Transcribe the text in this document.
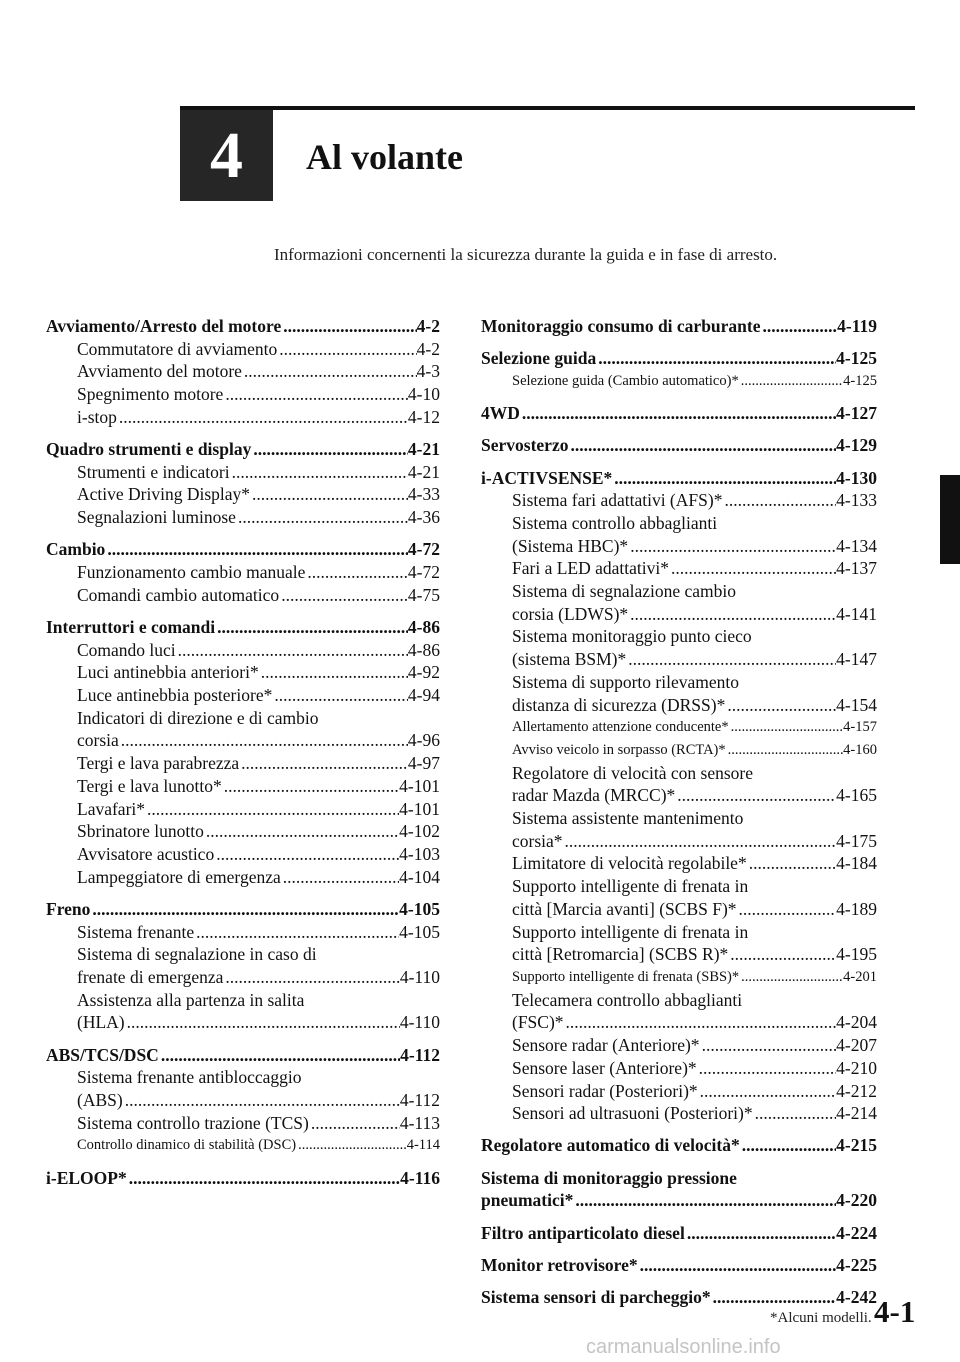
4 Al volante
Informazioni concernenti la sicurezza durante la guida e in fase di arresto.
Avviamento/Arresto del motore .....	4-2
Commutatore di avviamento .....	4-2
Avviamento del motore .....	4-3
Spegnimento motore .....	4-10
i-stop .....	4-12
Quadro strumenti e display .....	4-21
Strumenti e indicatori .....	4-21
Active Driving Display* .....	4-33
Segnalazioni luminose .....	4-36
Cambio .....	4-72
Funzionamento cambio manuale .....	4-72
Comandi cambio automatico .....	4-75
Interruttori e comandi .....	4-86
Comando luci .....	4-86
Luci antinebbia anteriori* .....	4-92
Luce antinebbia posteriore* .....	4-94
Indicatori di direzione e di cambio
corsia .....	4-96
Tergi e lava parabrezza .....	4-97
Tergi e lava lunotto* .....	4-101
Lavafari* .....	4-101
Sbrinatore lunotto .....	4-102
Avvisatore acustico .....	4-103
Lampeggiatore di emergenza .....	4-104
Freno .....	4-105
Sistema frenante .....	4-105
Sistema di segnalazione in caso di
frenate di emergenza .....	4-110
Assistenza alla partenza in salita
(HLA) .....	4-110
ABS/TCS/DSC .....	4-112
Sistema frenante antibloccaggio
(ABS) .....	4-112
Sistema controllo trazione (TCS) .....	4-113
Controllo dinamico di stabilità (DSC) .....	4-114
i-ELOOP* .....	4-116
Monitoraggio consumo di carburante .....	4-119
Selezione guida .....	4-125
Selezione guida (Cambio automatico)* .....	4-125
4WD .....	4-127
Servosterzo .....	4-129
i-ACTIVSENSE* .....	4-130
Sistema fari adattativi (AFS)* .....	4-133
Sistema controllo abbaglianti
(Sistema HBC)* .....	4-134
Fari a LED adattativi* .....	4-137
Sistema di segnalazione cambio
corsia (LDWS)* .....	4-141
Sistema monitoraggio punto cieco
(sistema BSM)* .....	4-147
Sistema di supporto rilevamento
distanza di sicurezza (DRSS)* .....	4-154
Allertamento attenzione conducente* .....	4-157
Avviso veicolo in sorpasso (RCTA)* .....	4-160
Regolatore di velocità con sensore
radar Mazda (MRCC)* .....	4-165
Sistema assistente mantenimento
corsia* .....	4-175
Limitatore di velocità regolabile* .....	4-184
Supporto intelligente di frenata in
città [Marcia avanti] (SCBS F)* .....	4-189
Supporto intelligente di frenata in
città [Retromarcia] (SCBS R)* .....	4-195
Supporto intelligente di frenata (SBS)* .....	4-201
Telecamera controllo abbaglianti
(FSC)* .....	4-204
Sensore radar (Anteriore)* .....	4-207
Sensore laser (Anteriore)* .....	4-210
Sensori radar (Posteriori)* .....	4-212
Sensori ad ultrasuoni (Posteriori)* .....	4-214
Regolatore automatico di velocità* .....	4-215
Sistema di monitoraggio pressione
pneumatici* .....	4-220
Filtro antiparticolato diesel .....	4-224
Monitor retrovisore* .....	4-225
Sistema sensori di parcheggio* .....	4-242
*Alcuni modelli. 4-1
carmanualsonline.info
